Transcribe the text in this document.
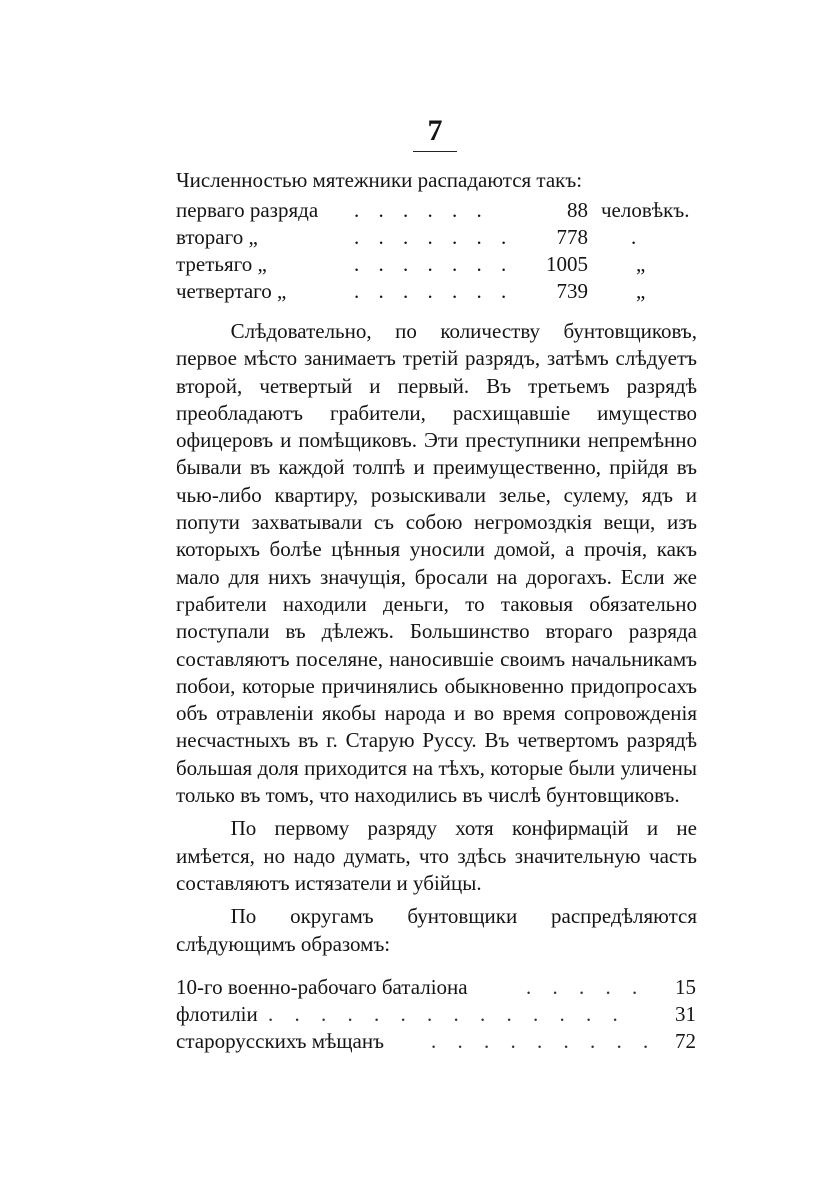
7
Численностью мятежники распадаются такъ:
перваго разряда . . . . . .	88 человѣкъ.
втораго „	. . . . . . .	778 .
третьяго „	. . . . . . .	1005 „
четвертаго „	. . . . . . .	739 „

Слѣдовательно, по количеству бунтовщиковъ, первое мѣсто занимаетъ третій разрядъ, затѣмъ слѣдуетъ второй, четвертый и первый. Въ третьемъ разрядѣ преобладаютъ грабители, расхищавшіе имущество офицеровъ и помѣщиковъ. Эти преступники непремѣнно бывали въ каждой толпѣ и преимущественно, прійдя въ чью-либо квартиру, розыскивали зелье, сулему, ядъ и попути захватывали съ собою негромоздкія вещи, изъ которыхъ болѣе цѣнныя уносили домой, а прочія, какъ мало для нихъ значущія, бросали на дорогахъ. Если же грабители находили деньги, то таковыя обязательно поступали въ дѣлежъ. Большинство втораго разряда составляютъ поселяне, наносившіе своимъ начальникамъ побои, которые причинялись обыкновенно придопросахъ объ отравленіи якобы народа и во время сопровожденія несчастныхъ въ г. Старую Руссу. Въ четвертомъ разрядѣ большая доля приходится на тѣхъ, которые были уличены только въ томъ, что находились въ числѣ бунтовщиковъ.

По первому разряду хотя конфирмацій и не имѣется, но надо думать, что здѣсь значительную часть составляютъ истязатели и убійцы.

По округамъ бунтовщики распредѣляются слѣдующимъ образомъ:

10-го военно-рабочаго баталіона	. . . . .	15
флотиліи . . . . . . . . . . . . . .	31
старорусскихъ мѣщанъ . . . . . . . . . 72
